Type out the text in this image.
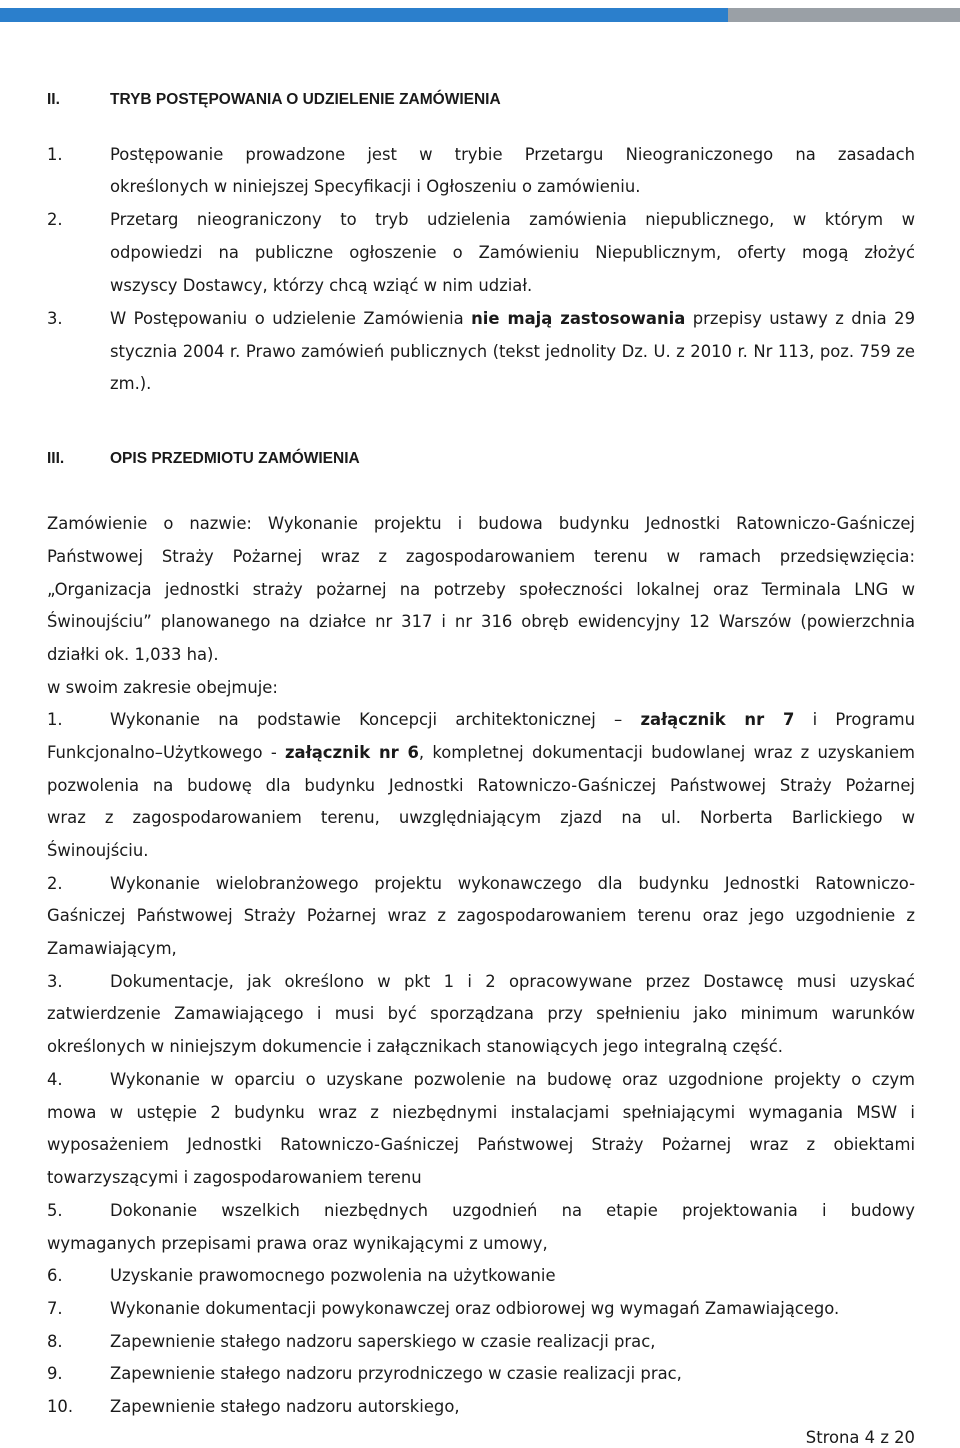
II.	TRYB POSTĘPOWANIA O UDZIELENIE ZAMÓWIENIA
1.	Postępowanie prowadzone jest w trybie Przetargu Nieograniczonego na zasadach
określonych w niniejszej Specyfikacji i Ogłoszeniu o zamówieniu.
2.	Przetarg nieograniczony to tryb udzielenia zamówienia niepublicznego, w którym w
odpowiedzi na publiczne ogłoszenie o Zamówieniu Niepublicznym, oferty mogą złożyć
wszyscy Dostawcy, którzy chcą wziąć w nim udział.
3.	W Postępowaniu o udzielenie Zamówienia nie mają zastosowania przepisy ustawy z dnia 29
stycznia 2004 r. Prawo zamówień publicznych (tekst jednolity Dz. U. z 2010 r. Nr 113, poz. 759 ze
zm.).
III.	OPIS PRZEDMIOTU ZAMÓWIENIA
Zamówienie o nazwie: Wykonanie projektu i budowa budynku Jednostki Ratowniczo-Gaśniczej
Państwowej Straży Pożarnej wraz z zagospodarowaniem terenu w ramach przedsięwzięcia:
„Organizacja jednostki straży pożarnej na potrzeby społeczności lokalnej oraz Terminala LNG w
Świnoujściu” planowanego na działce nr 317 i nr 316 obręb ewidencyjny 12 Warszów (powierzchnia
działki ok. 1,033 ha).
w swoim zakresie obejmuje:
1.	Wykonanie na podstawie Koncepcji architektonicznej – załącznik nr 7 i Programu
Funkcjonalno–Użytkowego - załącznik nr 6, kompletnej dokumentacji budowlanej wraz z uzyskaniem
pozwolenia na budowę dla budynku Jednostki Ratowniczo-Gaśniczej Państwowej Straży Pożarnej
wraz z zagospodarowaniem terenu, uwzględniającym zjazd na ul. Norberta Barlickiego w
Świnoujściu.
2.	Wykonanie wielobranżowego projektu wykonawczego dla budynku Jednostki Ratowniczo-
Gaśniczej Państwowej Straży Pożarnej wraz z zagospodarowaniem terenu oraz jego uzgodnienie z
Zamawiającym,
3.	Dokumentacje, jak określono w pkt 1 i 2 opracowywane przez Dostawcę musi uzyskać
zatwierdzenie Zamawiającego i musi być sporządzana przy spełnieniu jako minimum warunków
określonych w niniejszym dokumencie i załącznikach stanowiących jego integralną część.
4.	Wykonanie w oparciu o uzyskane pozwolenie na budowę oraz uzgodnione projekty o czym
mowa w ustępie 2 budynku wraz z niezbędnymi instalacjami spełniającymi wymagania MSW i
wyposażeniem Jednostki Ratowniczo-Gaśniczej Państwowej Straży Pożarnej wraz z obiektami
towarzyszącymi i zagospodarowaniem terenu
5.	Dokonanie wszelkich niezbędnych uzgodnień na etapie projektowania i budowy
wymaganych przepisami prawa oraz wynikającymi z umowy,
6.	Uzyskanie prawomocnego pozwolenia na użytkowanie
7.	Wykonanie dokumentacji powykonawczej oraz odbiorowej wg wymagań Zamawiającego.
8.	Zapewnienie stałego nadzoru saperskiego w czasie realizacji prac,
9.	Zapewnienie stałego nadzoru przyrodniczego w czasie realizacji prac,
10. Zapewnienie stałego nadzoru autorskiego,
Strona 4 z 20
